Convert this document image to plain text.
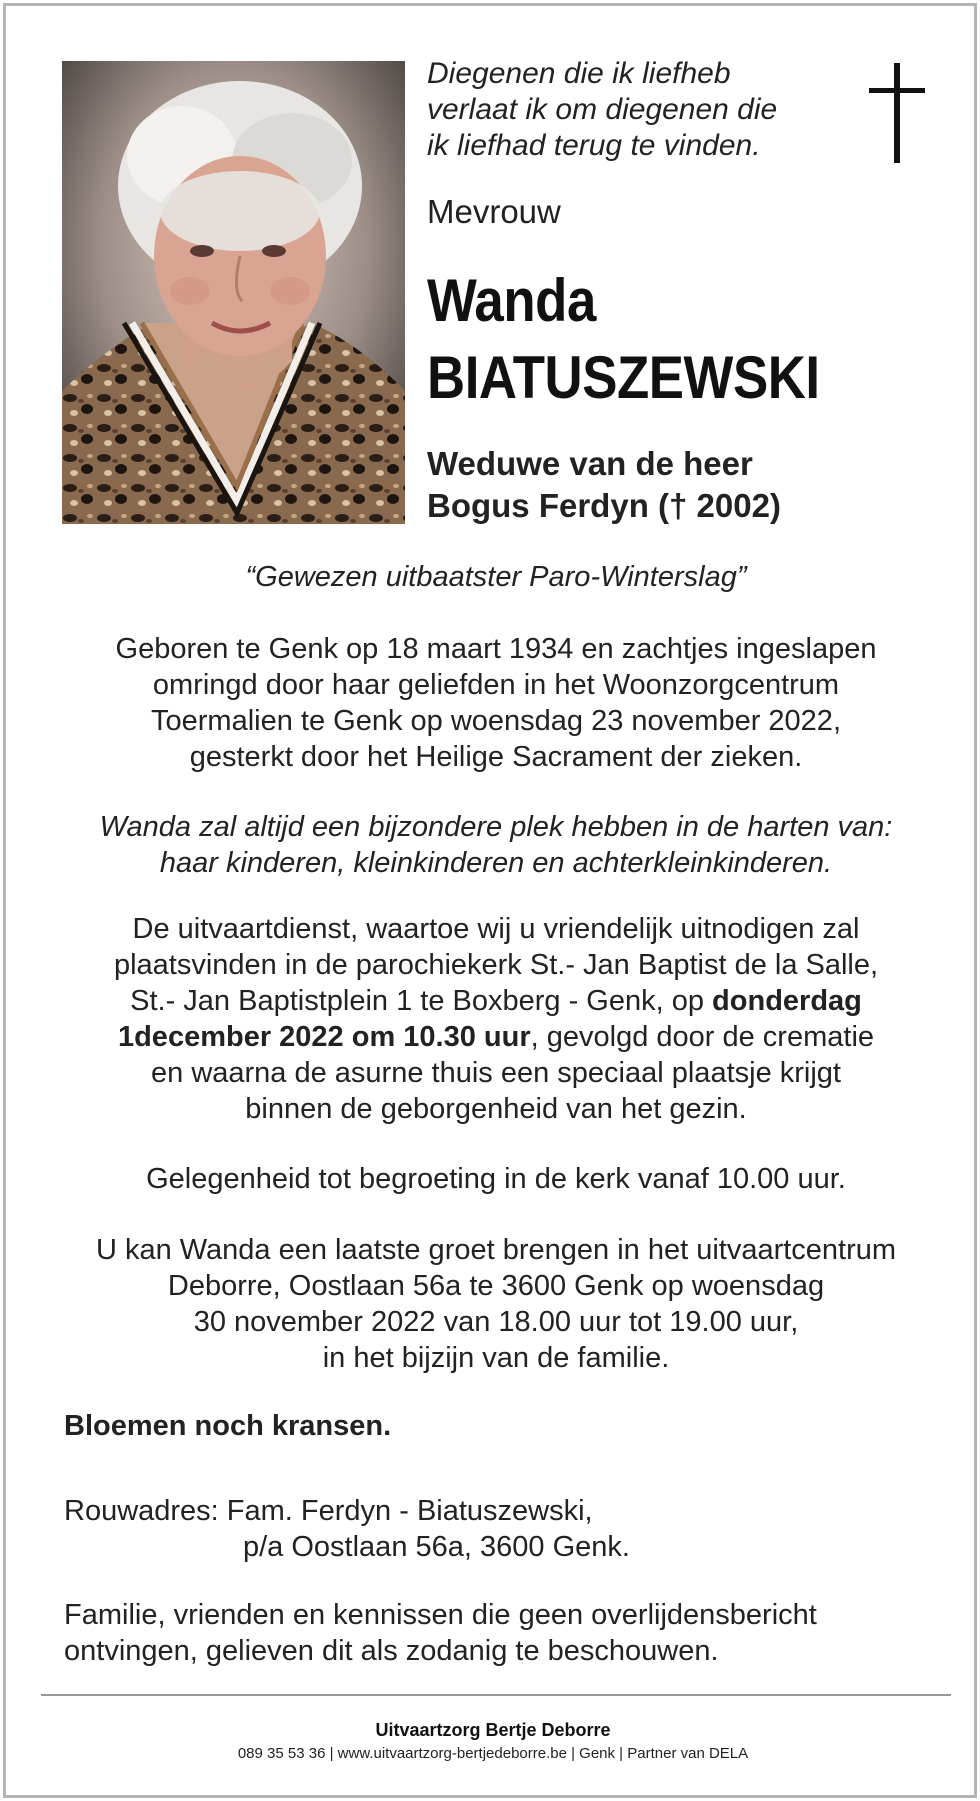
Diegenen die ik liefheb
verlaat ik om diegenen die
ik liefhad terug te vinden.
Mevrouw
Wanda
BIATUSZEWSKI
Weduwe van de heer
Bogus Ferdyn († 2002)
“Gewezen uitbaatster Paro-Winterslag”
Geboren te Genk op 18 maart 1934 en zachtjes ingeslapen
omringd door haar geliefden in het Woonzorgcentrum
Toermalien te Genk op woensdag 23 november 2022,
gesterkt door het Heilige Sacrament der zieken.
Wanda zal altijd een bijzondere plek hebben in de harten van:
haar kinderen, kleinkinderen en achterkleinkinderen.
De uitvaartdienst, waartoe wij u vriendelijk uitnodigen zal
plaatsvinden in de parochiekerk St.- Jan Baptist de la Salle,
St.- Jan Baptistplein 1 te Boxberg - Genk, op donderdag
1december 2022 om 10.30 uur, gevolgd door de crematie
en waarna de asurne thuis een speciaal plaatsje krijgt
binnen de geborgenheid van het gezin.
Gelegenheid tot begroeting in de kerk vanaf 10.00 uur.
U kan Wanda een laatste groet brengen in het uitvaartcentrum
Deborre, Oostlaan 56a te 3600 Genk op woensdag
30 november 2022 van 18.00 uur tot 19.00 uur,
in het bijzijn van de familie.
Bloemen noch kransen.
Rouwadres: Fam. Ferdyn - Biatuszewski,
p/a Oostlaan 56a, 3600 Genk.
Familie, vrienden en kennissen die geen overlijdensbericht
ontvingen, gelieven dit als zodanig te beschouwen.
Uitvaartzorg Bertje Deborre
089 35 53 36 | www.uitvaartzorg-bertjedeborre.be | Genk | Partner van DELA
